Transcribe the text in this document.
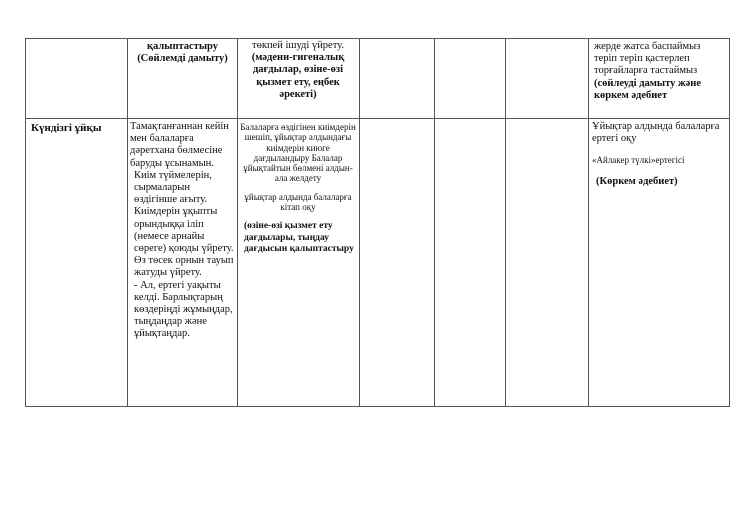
қалыптастыру (Сөйлемді дамыту)
төкпей ішуді үйрету. (мәдени-гигеналық дағдылар, өзіне-өзі қызмет ету, еңбек әрекеті)

жерде жатса баспаймыз

теріп теріп қастерлеп

торғайларға тастаймыз

(сөйлеуді дамыту және көркем әдебиет

Күндізгі ұйқы	Тамақтанғаннан кейін мен балаларға дәретхана бөлмесіне баруды ұсынамын.

Киім түймелерін, сырмаларын өздігінше ағыту.

Киімдерін ұқыпты орындыққа іліп (немесе арнайы сөреге) қоюды үйрету. Өз төсек орнын тауып жатуды үйрету.

- Ал, ертегі уақыты келді. Барлықтарың көздеріңді жұмыңдар, тыңдаңдар және ұйықтаңдар.

Балаларға өздігінен киімдерін шешіп, ұйықтар алдындағы киімдерін киюге дағдыландыру Балалар ұйықтайтын бөлмені алдын-ала желдету

ұйықтар алдында балаларға кітап оқу

(өзіне-өзі қызмет ету дағдылары, тыңдау дағдысын қалыптастыру

Ұйықтар алдында балаларға ертегі оқу

«Айлакер түлкі»ертегісі

(Көркем әдебиет)
